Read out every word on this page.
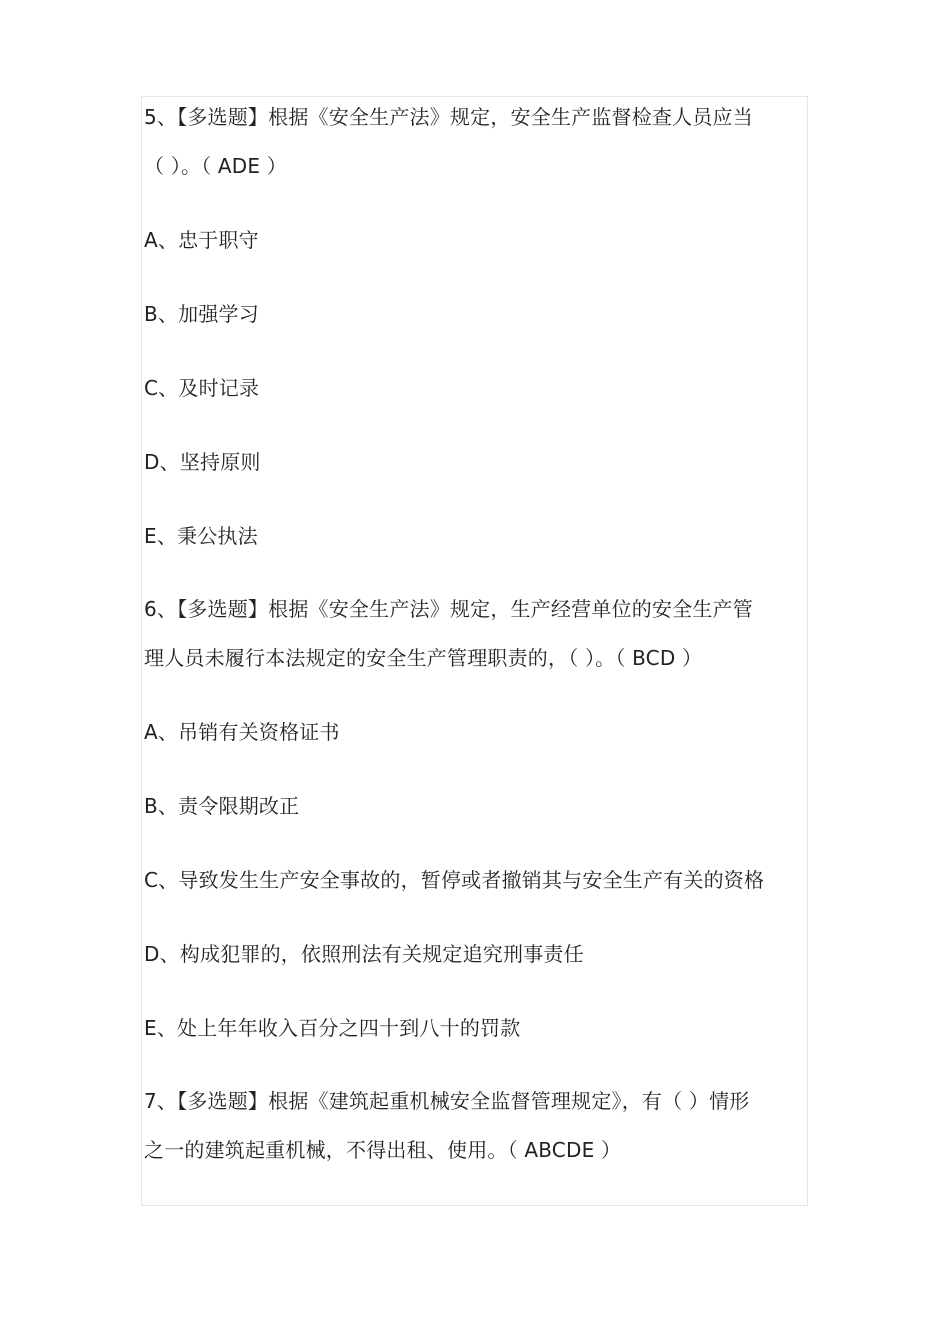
5、【多选题】根据《安全生产法》规定，安全生产监督检查人员应当
（ ）。（ ADE ）
A、忠于职守
B、加强学习
C、及时记录
D、坚持原则
E、秉公执法
6、【多选题】根据《安全生产法》规定，生产经营单位的安全生产管
理人员未履行本法规定的安全生产管理职责的，（ ）。（ BCD ）
A、吊销有关资格证书
B、责令限期改正
C、导致发生生产安全事故的，暂停或者撤销其与安全生产有关的资格
D、构成犯罪的，依照刑法有关规定追究刑事责任
E、处上年年收入百分之四十到八十的罚款
7、【多选题】根据《建筑起重机械安全监督管理规定》，有（ ）情形
之一的建筑起重机械，不得出租、使用。（ ABCDE ）
